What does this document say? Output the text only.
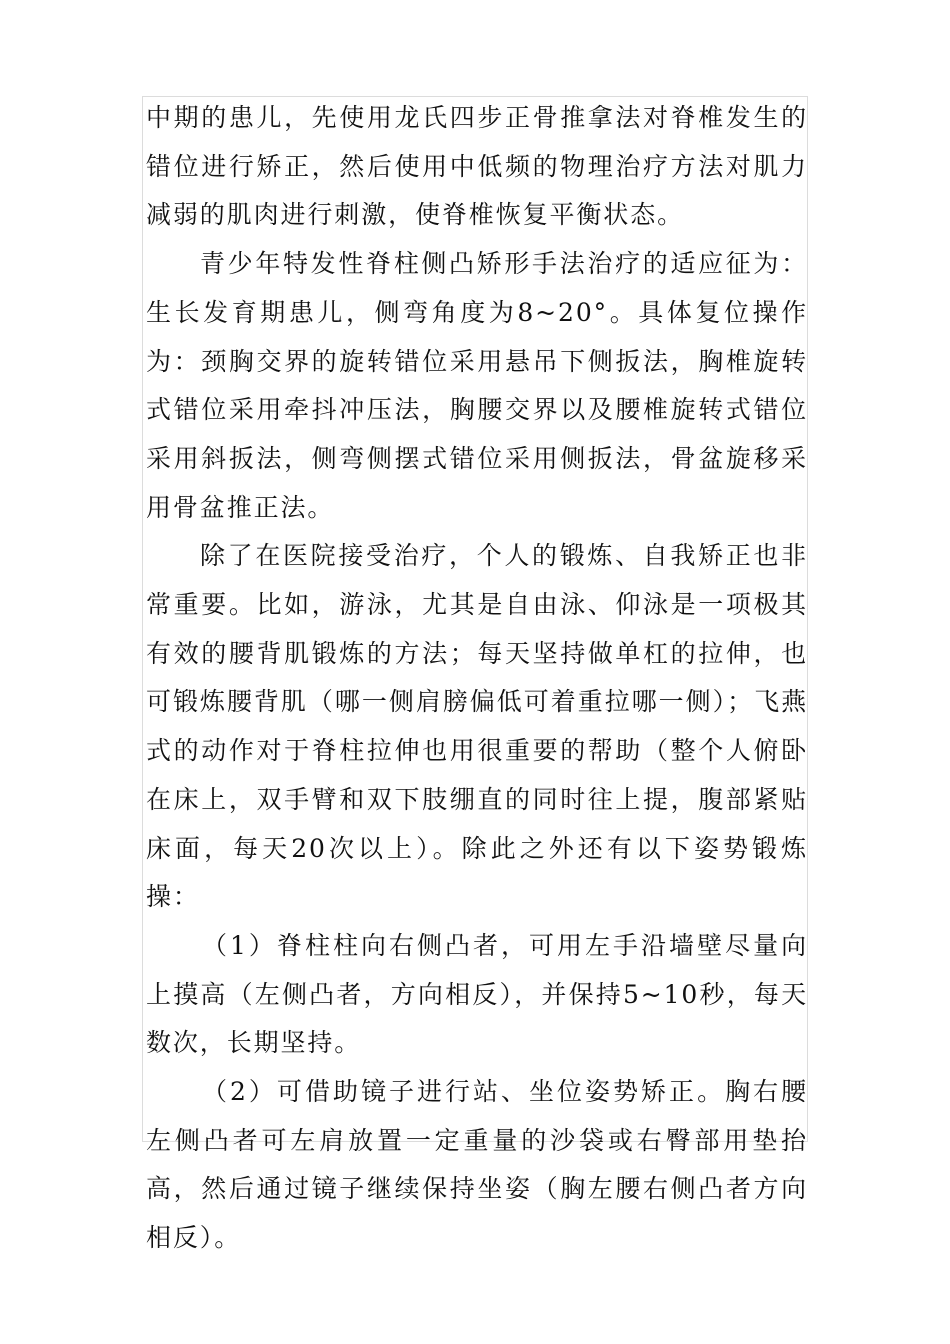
中期的患儿，先使用龙氏四步正骨推拿法对脊椎发生的错位进行矫正，然后使用中低频的物理治疗方法对肌力减弱的肌肉进行刺激，使脊椎恢复平衡状态。

青少年特发性脊柱侧凸矫形手法治疗的适应征为：生长发育期患儿，侧弯角度为8~20°。具体复位操作为：颈胸交界的旋转错位采用悬吊下侧扳法，胸椎旋转式错位采用牵抖冲压法，胸腰交界以及腰椎旋转式错位采用斜扳法，侧弯侧摆式错位采用侧扳法，骨盆旋移采用骨盆推正法。

除了在医院接受治疗，个人的锻炼、自我矫正也非常重要。比如，游泳，尤其是自由泳、仰泳是一项极其有效的腰背肌锻炼的方法；每天坚持做单杠的拉伸，也可锻炼腰背肌（哪一侧肩膀偏低可着重拉哪一侧）；飞燕式的动作对于脊柱拉伸也用很重要的帮助（整个人俯卧在床上，双手臂和双下肢绷直的同时往上提，腹部紧贴床面，每天20次以上）。除此之外还有以下姿势锻炼操：

（1）脊柱柱向右侧凸者，可用左手沿墙壁尽量向上摸高（左侧凸者，方向相反），并保持5~10秒，每天数次，长期坚持。

（2）可借助镜子进行站、坐位姿势矫正。胸右腰左侧凸者可左肩放置一定重量的沙袋或右臀部用垫抬高，然后通过镜子继续保持坐姿（胸左腰右侧凸者方向相反）。
